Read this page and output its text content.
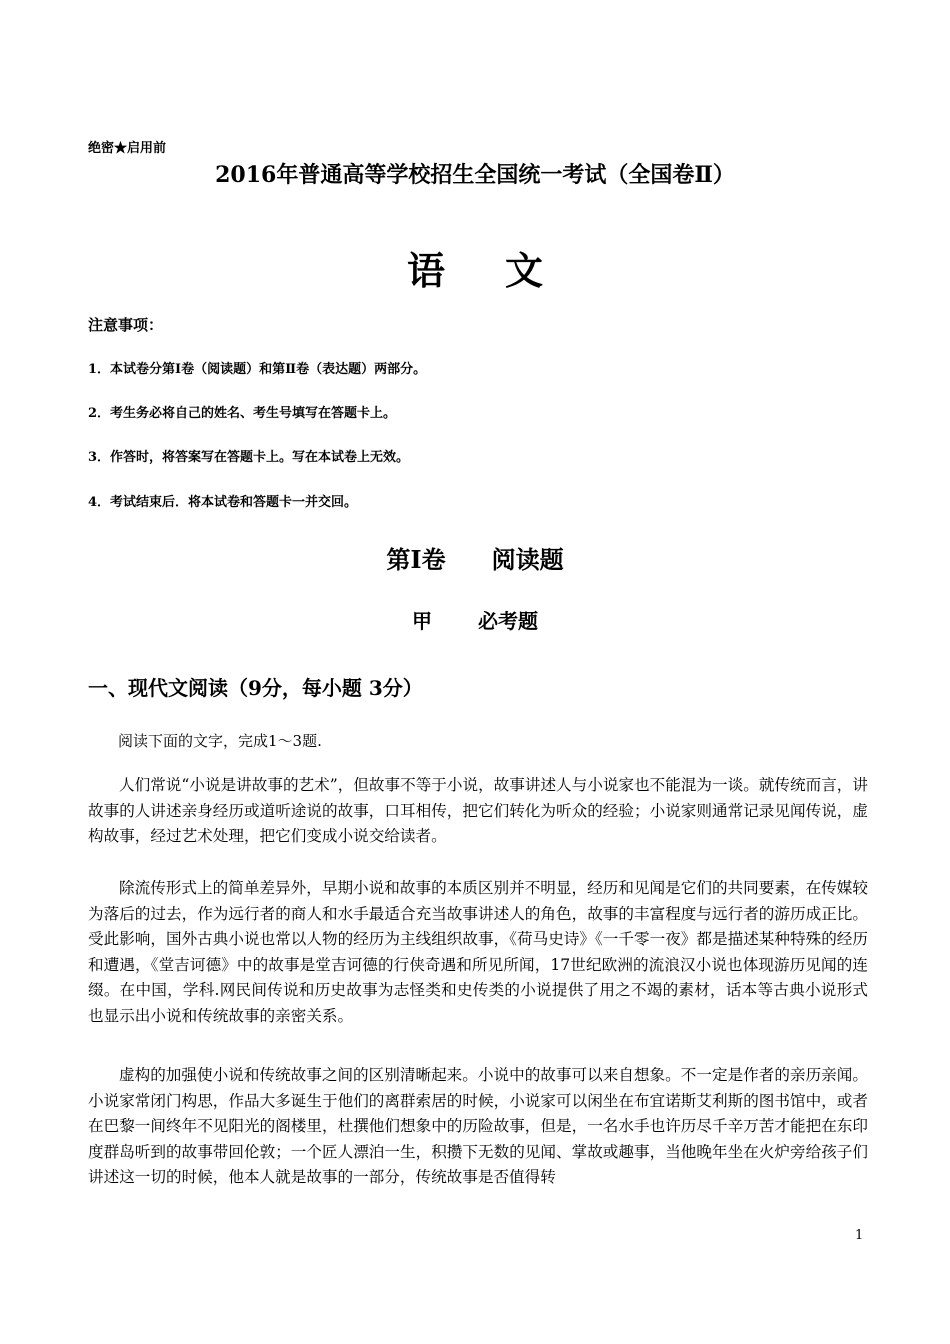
绝密★启用前
2016年普通高等学校招生全国统一考试（全国卷Ⅱ）
语文
注意事项：
1．本试卷分第Ⅰ卷（阅读题）和第Ⅱ卷（表达题）两部分。
2．考生务必将自己的姓名、考生号填写在答题卡上。
3．作答时，将答案写在答题卡上。写在本试卷上无效。
4．考试结束后．将本试卷和答题卡一并交回。
第Ⅰ卷 阅读题
甲 必考题
一、现代文阅读（9分，每小题 3分）
阅读下面的文字，完成1～3题.
人们常说“小说是讲故事的艺术”，但故事不等于小说，故事讲述人与小说家也不能混为一谈。就传统而言，讲故事的人讲述亲身经历或道听途说的故事，口耳相传，把它们转化为听众的经验；小说家则通常记录见闻传说，虚构故事，经过艺术处理，把它们变成小说交给读者。
除流传形式上的简单差异外，早期小说和故事的本质区别并不明显，经历和见闻是它们的共同要素，在传媒较为落后的过去，作为远行者的商人和水手最适合充当故事讲述人的角色，故事的丰富程度与远行者的游历成正比。受此影响，国外古典小说也常以人物的经历为主线组织故事，《荷马史诗》《一千零一夜》都是描述某种特殊的经历和遭遇，《堂吉诃德》中的故事是堂吉诃德的行侠奇遇和所见所闻，17世纪欧洲的流浪汉小说也体现游历见闻的连缀。在中国，学科.网民间传说和历史故事为志怪类和史传类的小说提供了用之不竭的素材，话本等古典小说形式也显示出小说和传统故事的亲密关系。
虚构的加强使小说和传统故事之间的区别清晰起来。小说中的故事可以来自想象。不一定是作者的亲历亲闻。小说家常闭门构思，作品大多诞生于他们的离群索居的时候，小说家可以闲坐在布宜诺斯艾利斯的图书馆中，或者在巴黎一间终年不见阳光的阁楼里，杜撰他们想象中的历险故事，但是，一名水手也许历尽千辛万苦才能把在东印度群岛听到的故事带回伦敦；一个匠人漂泊一生，积攒下无数的见闻、掌故或趣事，当他晚年坐在火炉旁给孩子们讲述这一切的时候，他本人就是故事的一部分，传统故事是否值得转
1
